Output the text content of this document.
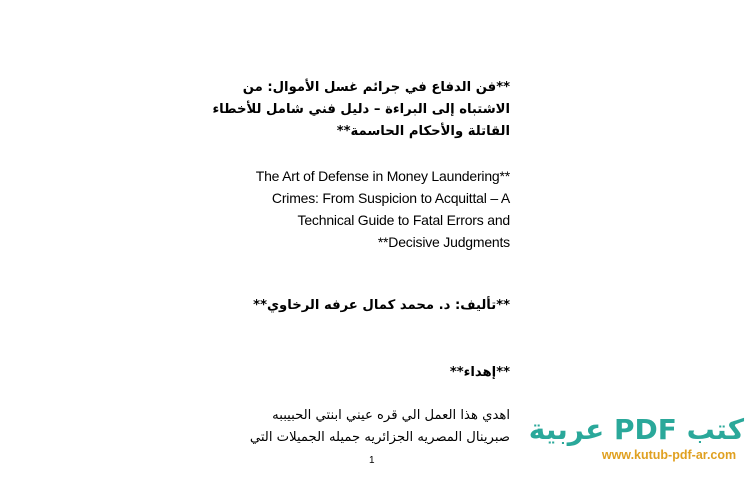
**فن الدفاع في جرائم غسل الأموال: من
الاشتباه إلى البراءة – دليل فني شامل للأخطاء
القاتلة والأحكام الحاسمة**
The Art of Defense in Money Laundering**
Crimes: From Suspicion to Acquittal – A
Technical Guide to Fatal Errors and
**Decisive Judgments
**تأليف: د. محمد كمال عرفه الرخاوي**
**إهداء**
اهدي هذا العمل الي قره عيني ابنتي الحبيببه
صبرينال المصريه الجزائريه جميله الجميلات التي
1
كتب PDF عربية
www.kutub-pdf-ar.com
